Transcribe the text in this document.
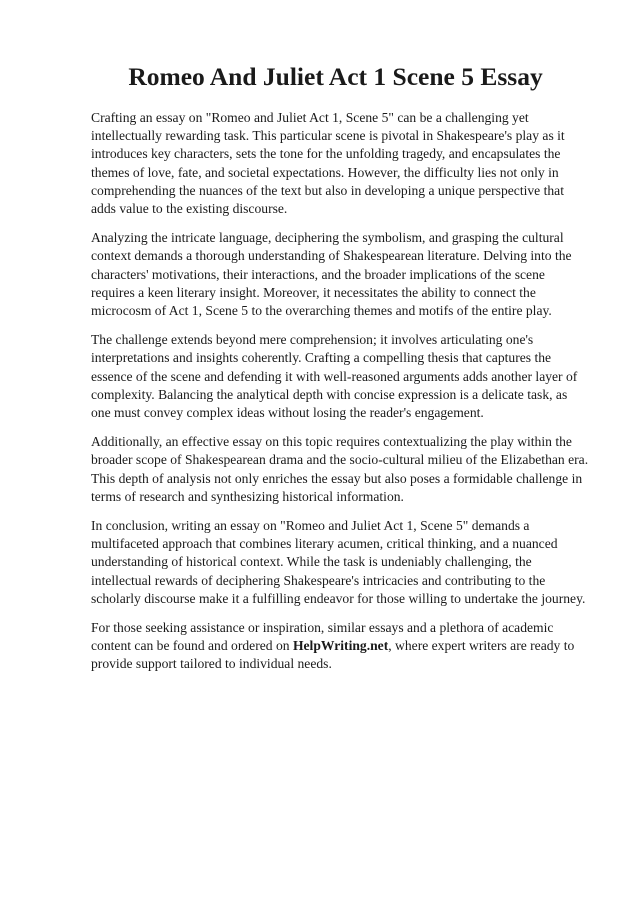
Romeo And Juliet Act 1 Scene 5 Essay

Crafting an essay on "Romeo and Juliet Act 1, Scene 5" can be a challenging yet intellectually rewarding task. This particular scene is pivotal in Shakespeare's play as it introduces key characters, sets the tone for the unfolding tragedy, and encapsulates the themes of love, fate, and societal expectations. However, the difficulty lies not only in comprehending the nuances of the text but also in developing a unique perspective that adds value to the existing discourse.

Analyzing the intricate language, deciphering the symbolism, and grasping the cultural context demands a thorough understanding of Shakespearean literature. Delving into the characters' motivations, their interactions, and the broader implications of the scene requires a keen literary insight. Moreover, it necessitates the ability to connect the microcosm of Act 1, Scene 5 to the overarching themes and motifs of the entire play.

The challenge extends beyond mere comprehension; it involves articulating one's interpretations and insights coherently. Crafting a compelling thesis that captures the essence of the scene and defending it with well-reasoned arguments adds another layer of complexity. Balancing the analytical depth with concise expression is a delicate task, as one must convey complex ideas without losing the reader's engagement.

Additionally, an effective essay on this topic requires contextualizing the play within the broader scope of Shakespearean drama and the socio-cultural milieu of the Elizabethan era. This depth of analysis not only enriches the essay but also poses a formidable challenge in terms of research and synthesizing historical information.

In conclusion, writing an essay on "Romeo and Juliet Act 1, Scene 5" demands a multifaceted approach that combines literary acumen, critical thinking, and a nuanced understanding of historical context. While the task is undeniably challenging, the intellectual rewards of deciphering Shakespeare's intricacies and contributing to the scholarly discourse make it a fulfilling endeavor for those willing to undertake the journey.

For those seeking assistance or inspiration, similar essays and a plethora of academic content can be found and ordered on HelpWriting.net, where expert writers are ready to provide support tailored to individual needs.
